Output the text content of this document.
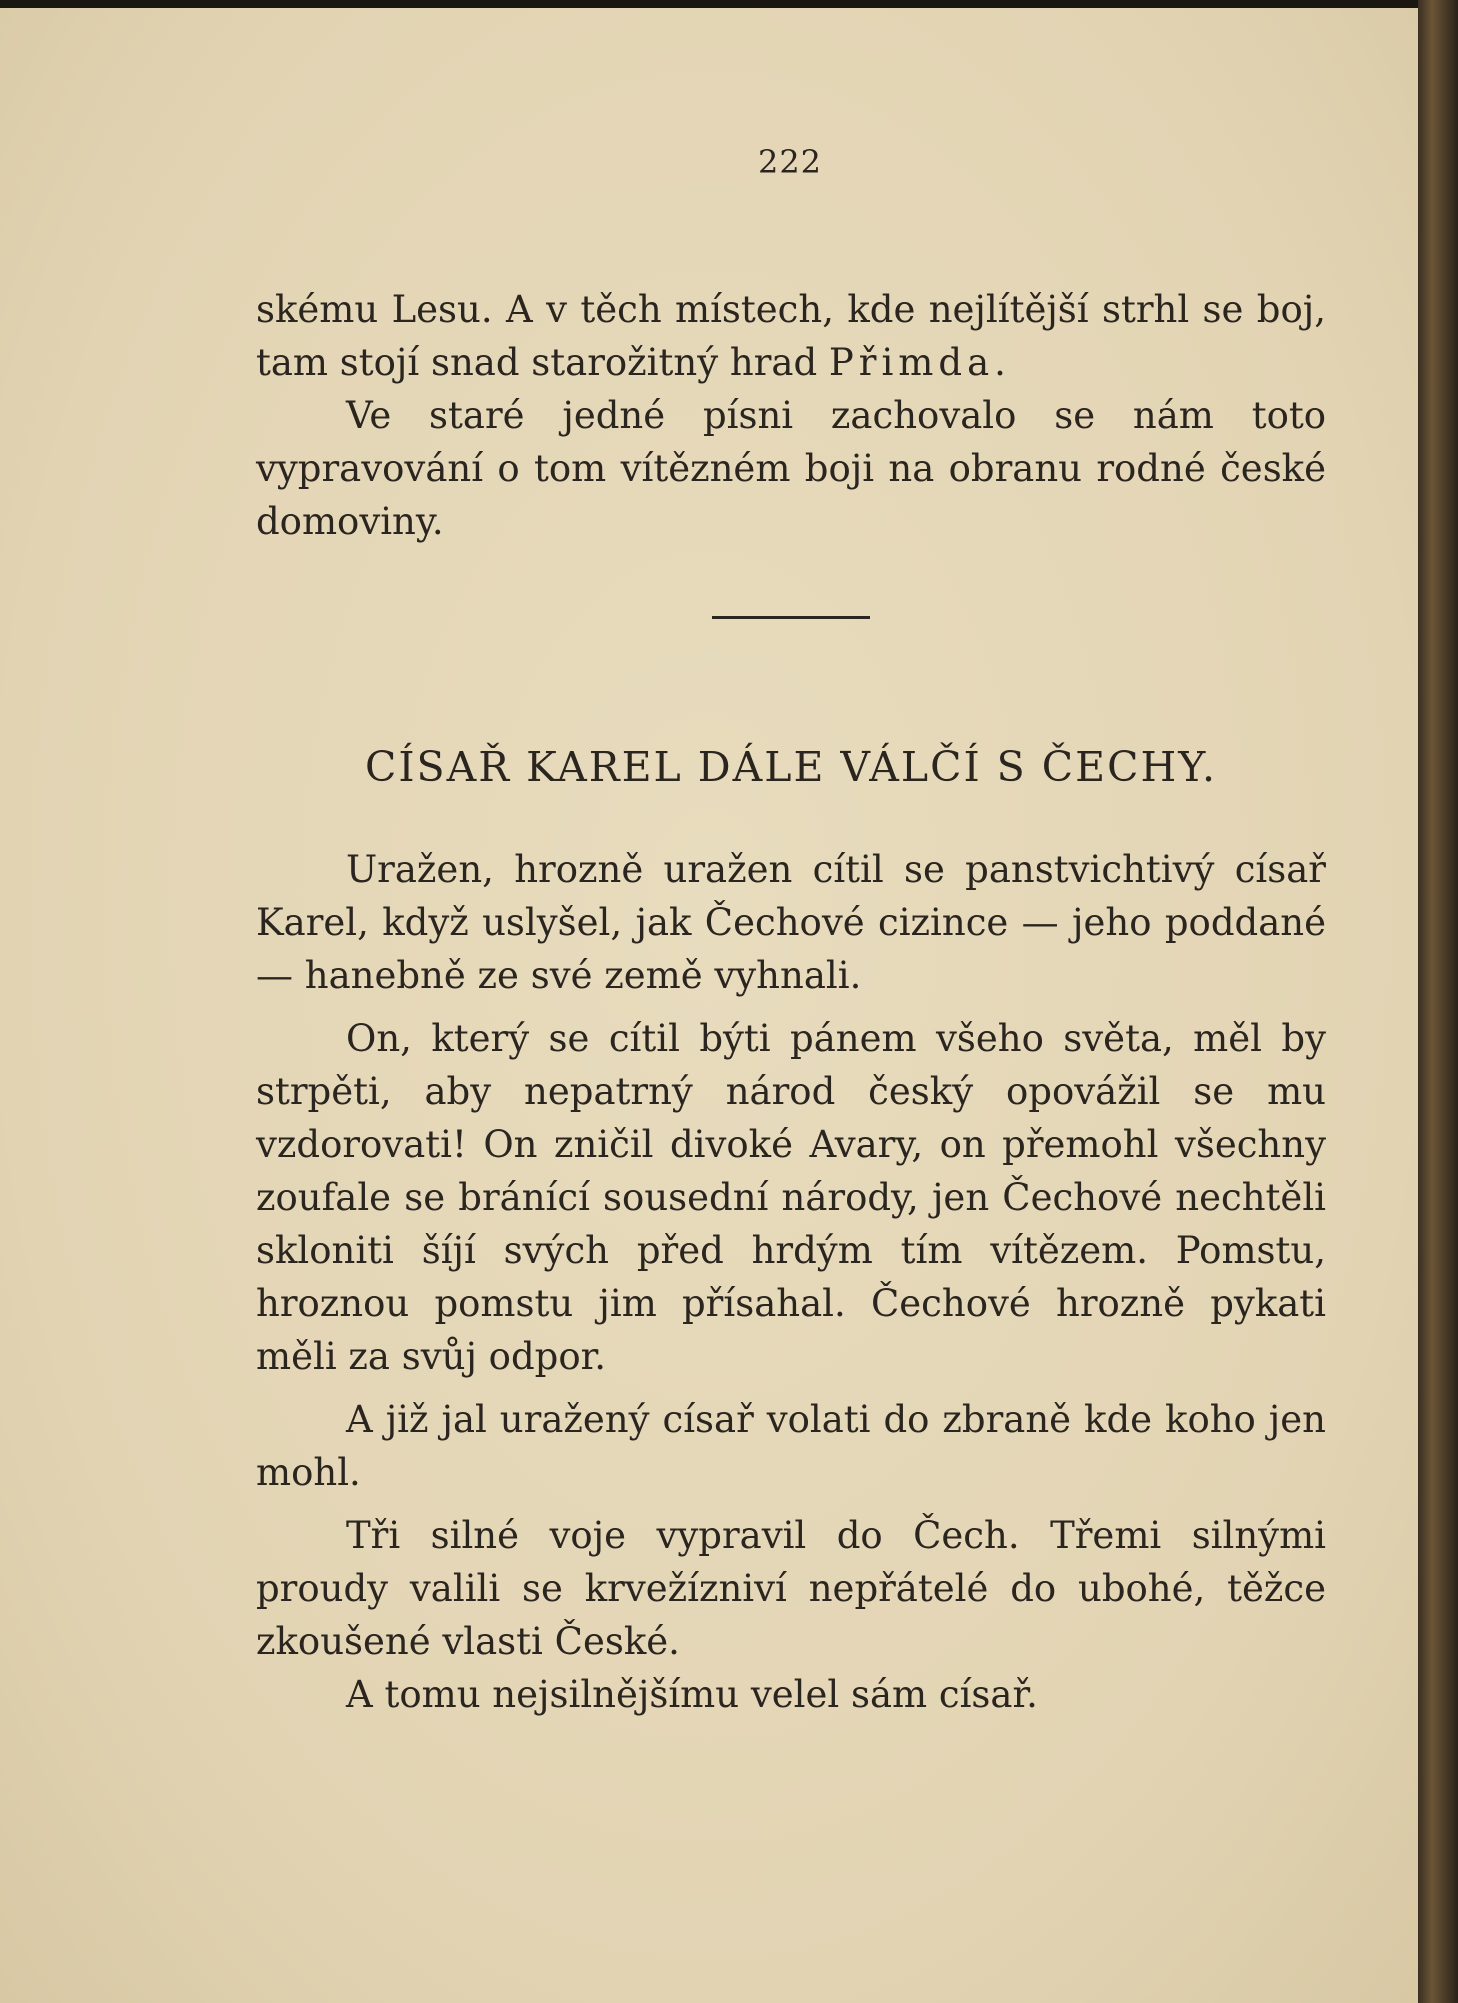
222

skému Lesu. A v těch místech, kde nejlítější strhl se boj, tam stojí snad starožitný hrad Přimda.

Ve staré jedné písni zachovalo se nám toto vypravování o tom vítězném boji na obranu rodné české domoviny.

CÍSAŘ KAREL DÁLE VÁLČÍ S ČECHY.

Uražen, hrozně uražen cítil se panstvichtivý císař Karel, když uslyšel, jak Čechové cizince — jeho poddané — hanebně ze své země vyhnali.

On, který se cítil býti pánem všeho světa, měl by strpěti, aby nepatrný národ český opovážil se mu vzdorovati! On zničil divoké Avary, on přemohl všechny zoufale se bránící sousední národy, jen Čechové nechtěli skloniti šíjí svých před hrdým tím vítězem. Pomstu, hroznou pomstu jim přísahal. Čechové hrozně pykati měli za svůj odpor.

A již jal uražený císař volati do zbraně kde koho jen mohl.

Tři silné voje vypravil do Čech. Třemi silnými proudy valili se krvežízniví nepřátelé do ubohé, těžce zkoušené vlasti České.

A tomu nejsilnějšímu velel sám císař.
